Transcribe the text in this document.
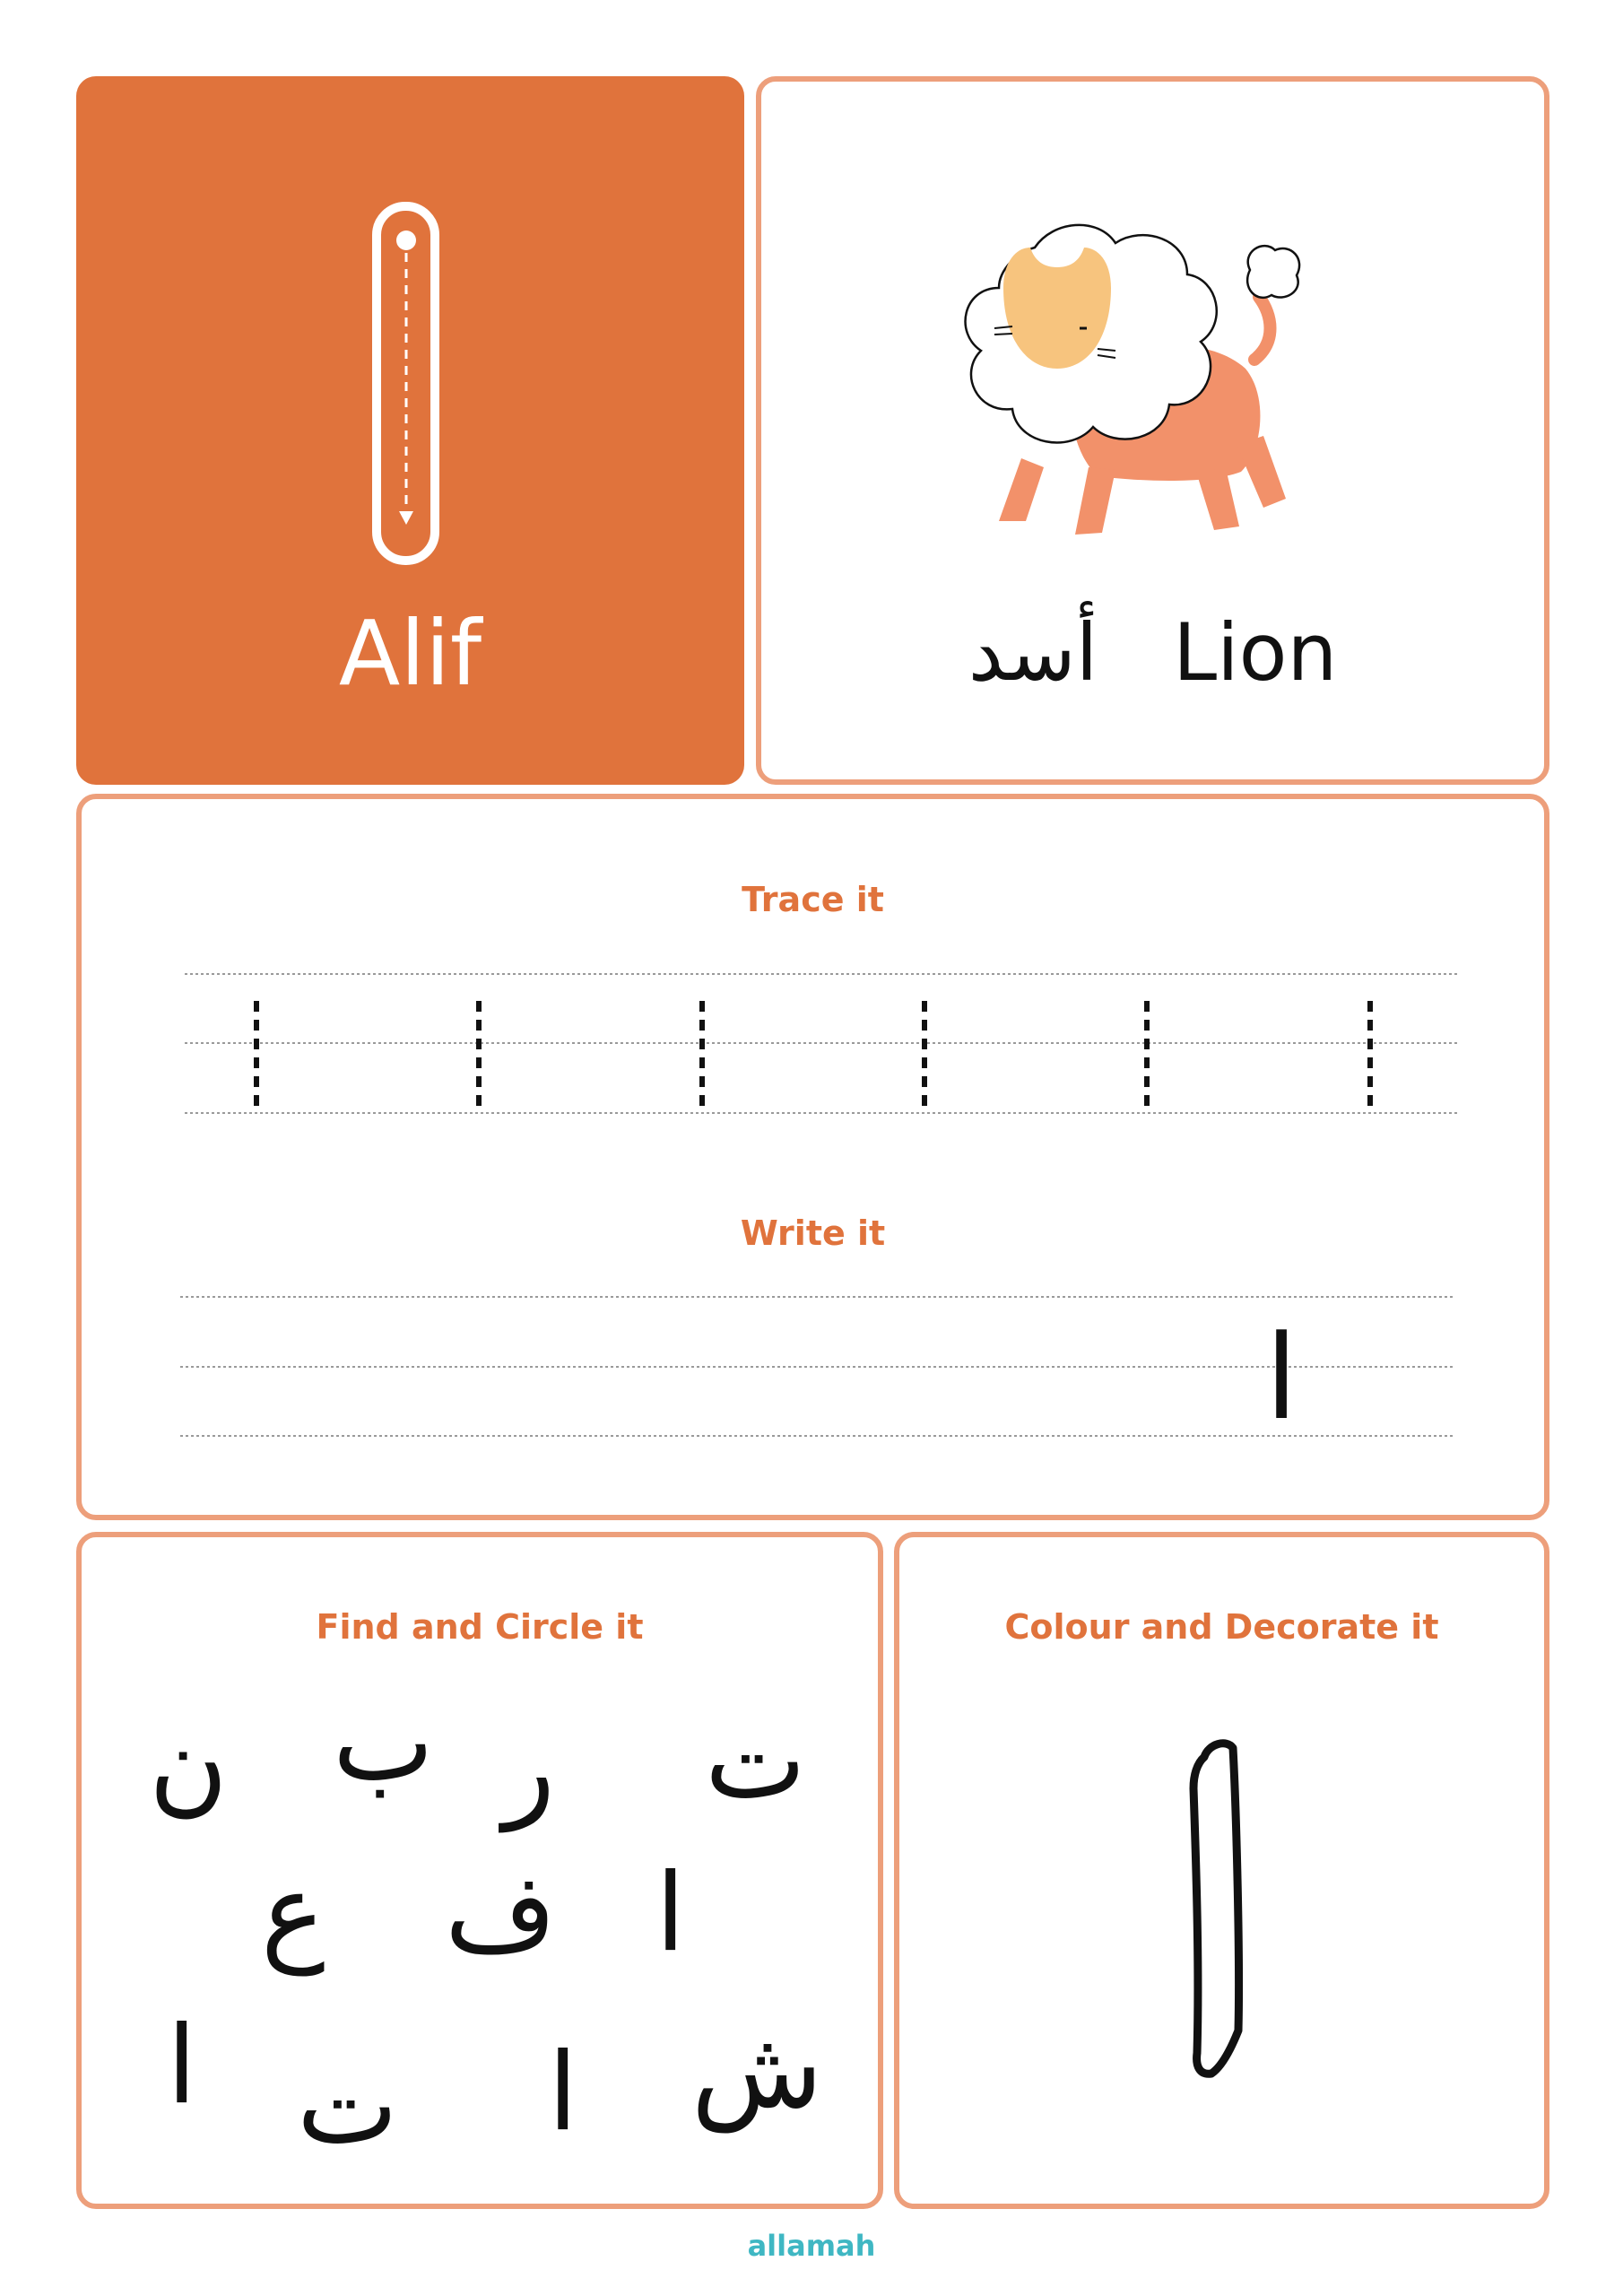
Alif	أسد Lion
Trace it
Write it
ا
Find and Circle it
ت
ر
ب
ن
ا
ف
ع
ش
ا
ت
ا
Colour and Decorate it
allamah
